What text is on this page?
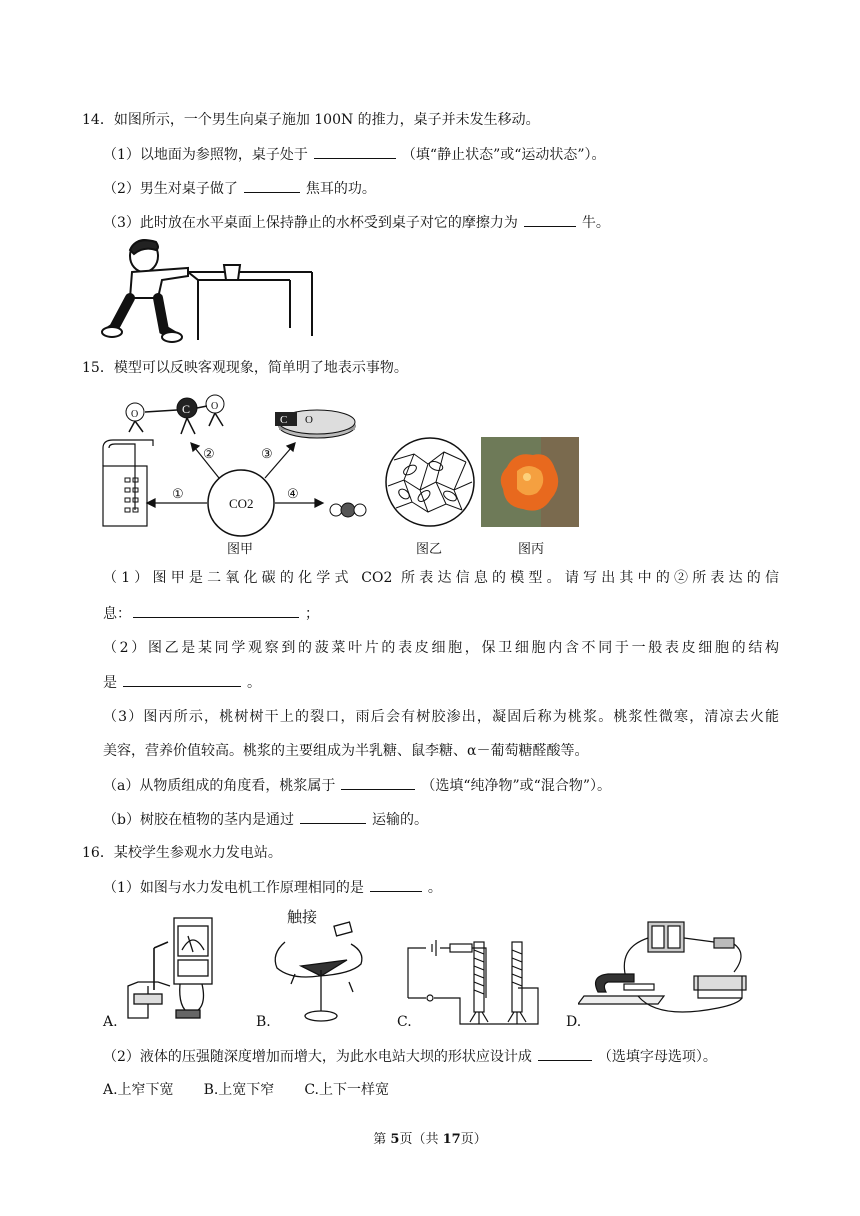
14．如图所示，一个男生向桌子施加 100N 的推力，桌子并未发生移动。
（1）以地面为参照物，桌子处于	（填“静止状态”或“运动状态”）。
（2）男生对桌子做了	焦耳的功。
（3）此时放在水平桌面上保持静止的水杯受到桌子对它的摩擦力为	牛。
15．模型可以反映客观现象，简单明了地表示事物。
CO2
①
②	③
④
O	C O
C O
图甲	图乙	图丙
（1）图甲是二氧化碳的化学式 CO2 所表达信息的模型。请写出其中的②所表达的信
息：	；
（2）图乙是某同学观察到的菠菜叶片的表皮细胞，保卫细胞内含不同于一般表皮细胞的结构
是	。
（3）图丙所示，桃树树干上的裂口，雨后会有树胶渗出，凝固后称为桃浆。桃浆性微寒，清凉去火能
美容，营养价值较高。桃浆的主要组成为半乳糖、鼠李糖、α－葡萄糖醛酸等。
（a）从物质组成的角度看，桃浆属于	（选填“纯净物”或“混合物”）。
（b）树胶在植物的茎内是通过	运输的。
16．某校学生参观水力发电站。
（1）如图与水力发电机工作原理相同的是	。
A.
触接
B.	C.	D.
（2）液体的压强随深度增加而增大，为此水电站大坝的形状应设计成	（选填字母选项）。
A.上窄下宽 B.上宽下窄 C.上下一样宽
第 5页（共 17页）
